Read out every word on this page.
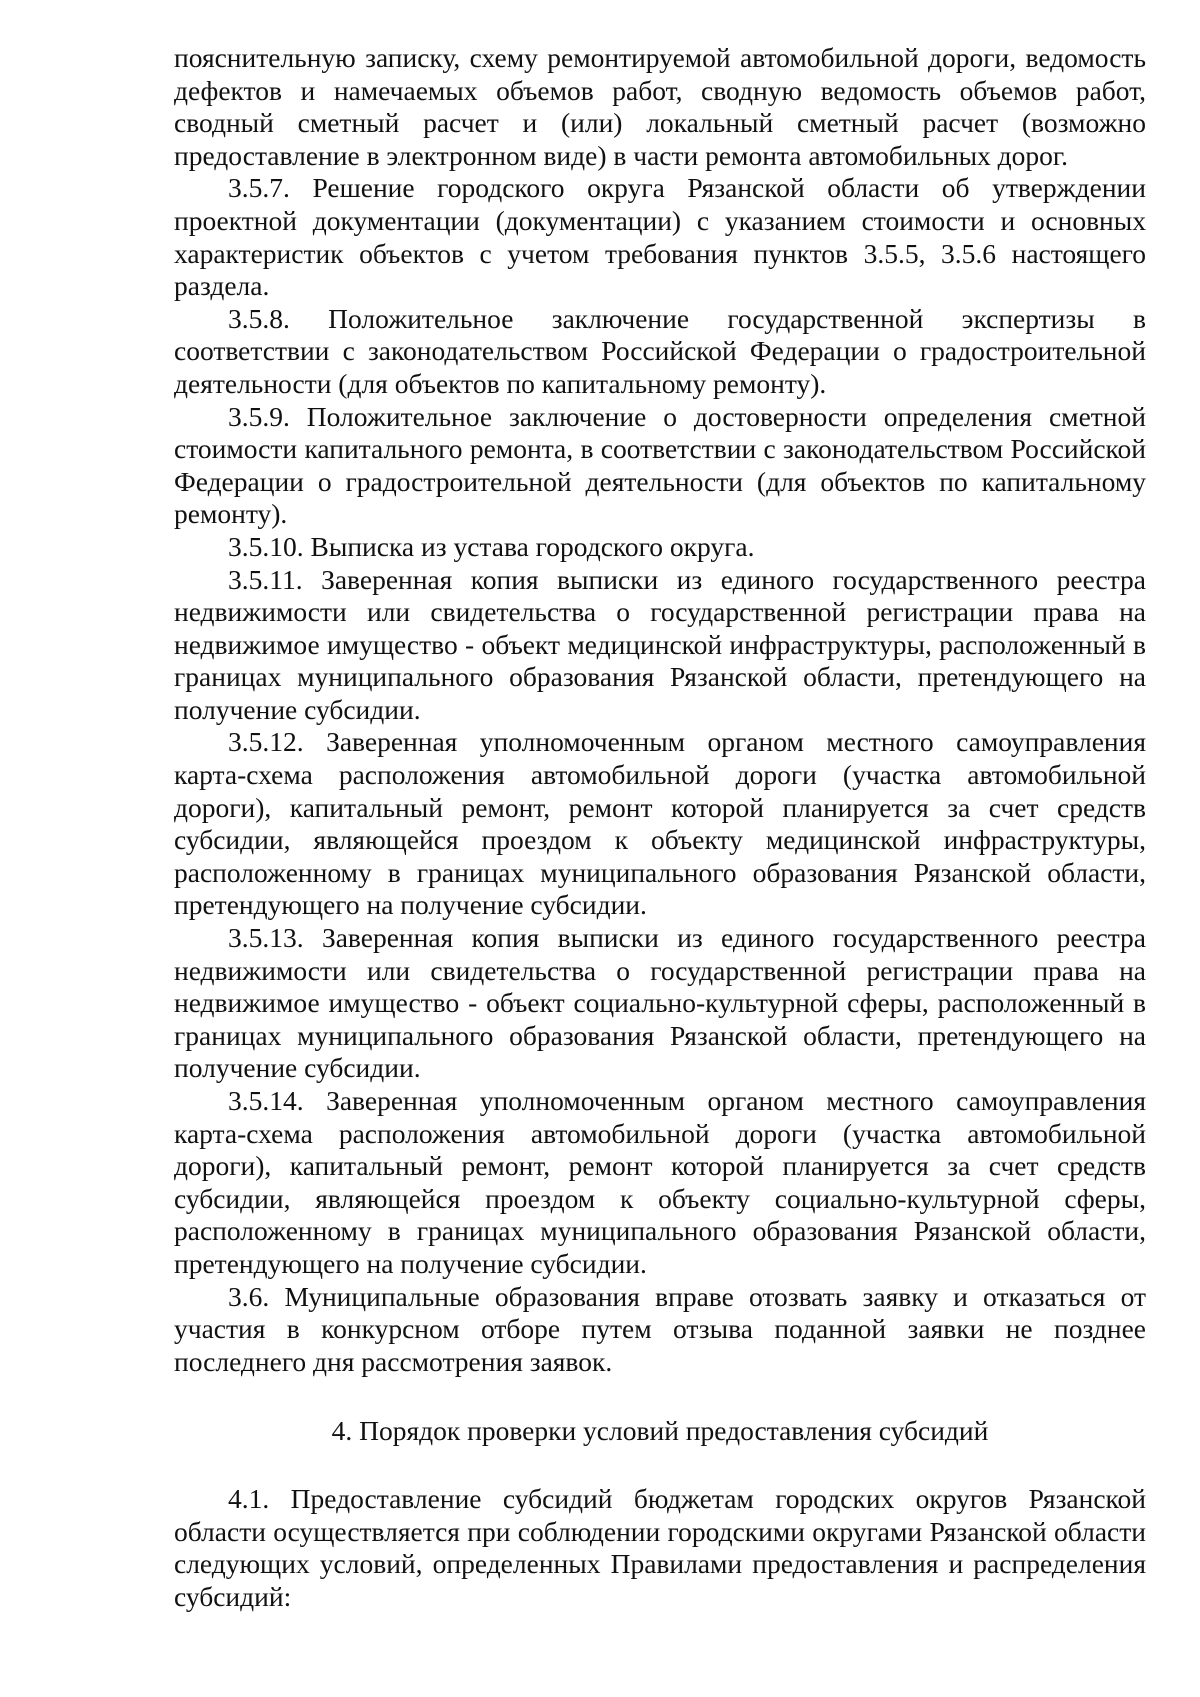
пояснительную записку, схему ремонтируемой автомобильной дороги, ведомость дефектов и намечаемых объемов работ, сводную ведомость объемов работ, сводный сметный расчет и (или) локальный сметный расчет (возможно предоставление в электронном виде) в части ремонта автомобильных дорог.

3.5.7. Решение городского округа Рязанской области об утверждении проектной документации (документации) с указанием стоимости и основных характеристик объектов с учетом требования пунктов 3.5.5, 3.5.6 настоящего раздела.

3.5.8. Положительное заключение государственной экспертизы в соответствии с законодательством Российской Федерации о градостроительной деятельности (для объектов по капитальному ремонту).

3.5.9. Положительное заключение о достоверности определения сметной стоимости капитального ремонта, в соответствии с законодательством Российской Федерации о градостроительной деятельности (для объектов по капитальному ремонту).

3.5.10. Выписка из устава городского округа.

3.5.11. Заверенная копия выписки из единого государственного реестра недвижимости или свидетельства о государственной регистрации права на недвижимое имущество - объект медицинской инфраструктуры, расположенный в границах муниципального образования Рязанской области, претендующего на получение субсидии.

3.5.12. Заверенная уполномоченным органом местного самоуправления карта-схема расположения автомобильной дороги (участка автомобильной дороги), капитальный ремонт, ремонт которой планируется за счет средств субсидии, являющейся проездом к объекту медицинской инфраструктуры, расположенному в границах муниципального образования Рязанской области, претендующего на получение субсидии.

3.5.13. Заверенная копия выписки из единого государственного реестра недвижимости или свидетельства о государственной регистрации права на недвижимое имущество - объект социально-культурной сферы, расположенный в границах муниципального образования Рязанской области, претендующего на получение субсидии.

3.5.14. Заверенная уполномоченным органом местного самоуправления карта-схема расположения автомобильной дороги (участка автомобильной дороги), капитальный ремонт, ремонт которой планируется за счет средств субсидии, являющейся проездом к объекту социально-культурной сферы, расположенному в границах муниципального образования Рязанской области, претендующего на получение субсидии.

3.6. Муниципальные образования вправе отозвать заявку и отказаться от участия в конкурсном отборе путем отзыва поданной заявки не позднее последнего дня рассмотрения заявок.

4. Порядок проверки условий предоставления субсидий

4.1. Предоставление субсидий бюджетам городских округов Рязанской области осуществляется при соблюдении городскими округами Рязанской области следующих условий, определенных Правилами предоставления и распределения субсидий:
